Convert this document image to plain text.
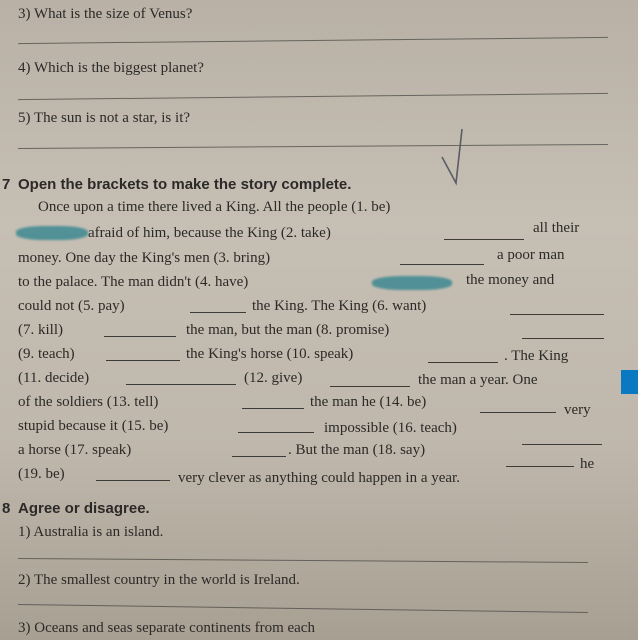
3) What is the size of Venus?
4) Which is the biggest planet?
5) The sun is not a star, is it?
7 Open the brackets to make the story complete.
Once upon a time there lived a King. All the people (1. be)
afraid of him, because the King (2. take)	all their
money. One day the King's men (3. bring)	a poor man
to the palace. The man didn't (4. have)	the money and
could not (5. pay)	the King. The King (6. want)
(7. kill)	the man, but the man (8. promise)
(9. teach)	the King's horse (10. speak)	. The King
(11. decide)	(12. give)	the man a year. One
of the soldiers (13. tell)	the man he (14. be)	very
stupid because it (15. be)	impossible (16. teach)
a horse (17. speak)	. But the man (18. say)
he
(19. be)	very clever as anything could happen in a year.
8 Agree or disagree.
1) Australia is an island.
2) The smallest country in the world is Ireland.
3) Oceans and seas separate continents from each
